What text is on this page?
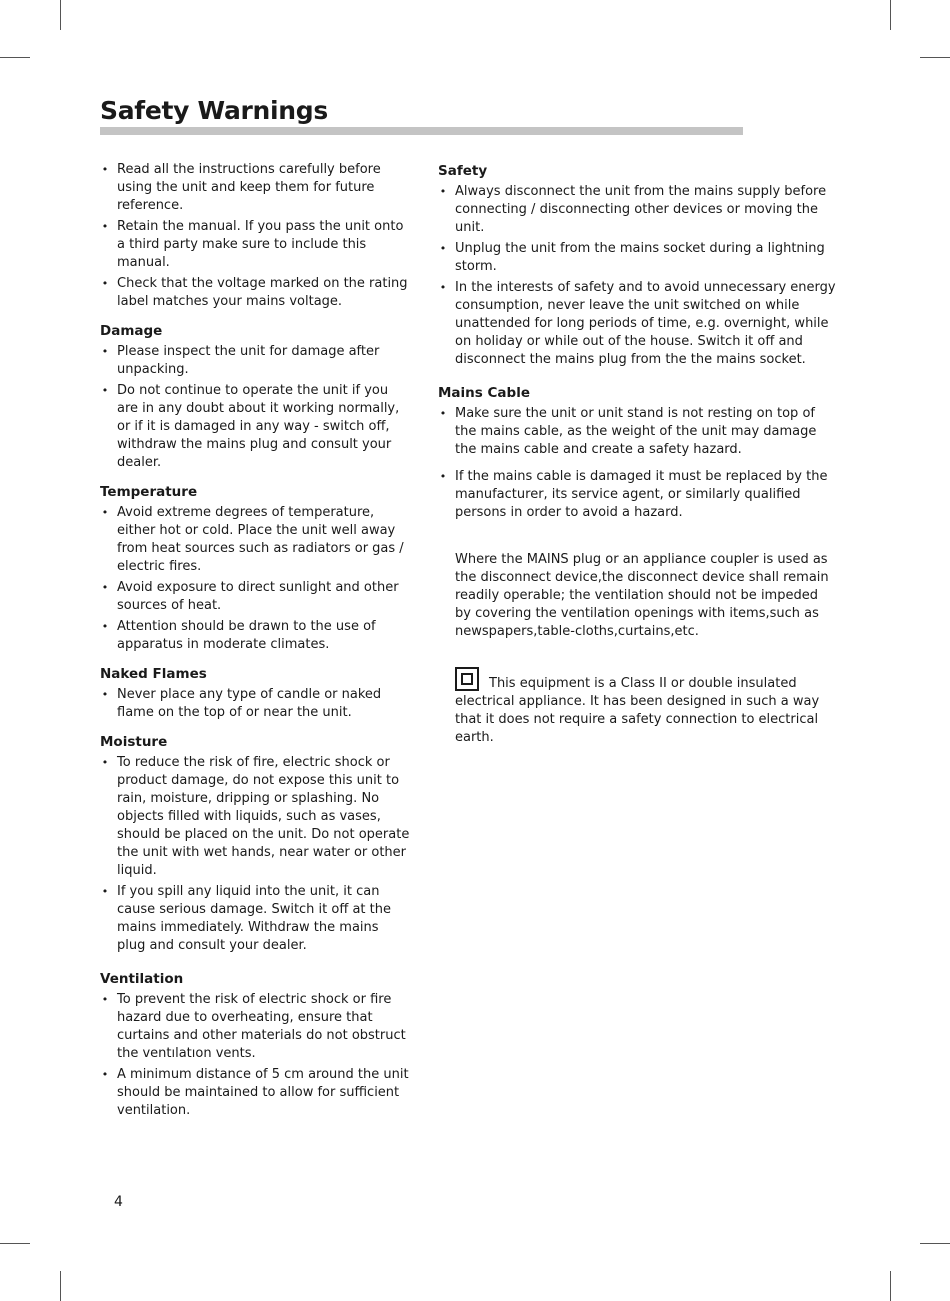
Safety Warnings
• Read all the instructions carefully before using the unit and keep them for future reference.
• Retain the manual. If you pass the unit onto a third party make sure to include this manual.
• Check that the voltage marked on the rating label matches your mains voltage.
Damage
• Please inspect the unit for damage after unpacking.
• Do not continue to operate the unit if you are in any doubt about it working normally, or if it is damaged in any way - switch off, withdraw the mains plug and consult your dealer.
Temperature
• Avoid extreme degrees of temperature, either hot or cold. Place the unit well away from heat sources such as radiators or gas / electric fires.
• Avoid exposure to direct sunlight and other sources of heat.
• Attention should be drawn to the use of apparatus in moderate climates.
Naked Flames
• Never place any type of candle or naked flame on the top of or near the unit.
Moisture
• To reduce the risk of fire, electric shock or product damage, do not expose this unit to rain, moisture, dripping or splashing. No objects filled with liquids, such as vases, should be placed on the unit. Do not operate the unit with wet hands, near water or other liquid.
• If you spill any liquid into the unit, it can cause serious damage. Switch it off at the mains immediately. Withdraw the mains plug and consult your dealer.
Ventilation
• To prevent the risk of electric shock or fire hazard due to overheating, ensure that curtains and other materials do not obstruct the ventılatıon vents.
• A minimum distance of 5 cm around the unit should be maintained to allow for sufficient ventilation.
Safety
• Always disconnect the unit from the mains supply before connecting / disconnecting other devices or moving the unit.
• Unplug the unit from the mains socket during a lightning storm.
• In the interests of safety and to avoid unnecessary energy consumption, never leave the unit switched on while unattended for long periods of time, e.g. overnight, while on holiday or while out of the house. Switch it off and disconnect the mains plug from the the mains socket.
Mains Cable
• Make sure the unit or unit stand is not resting on top of the mains cable, as the weight of the unit may damage the mains cable and create a safety hazard.
• If the mains cable is damaged it must be replaced by the manufacturer, its service agent, or similarly qualified persons in order to avoid a hazard.

Where the MAINS plug or an appliance coupler is used as the disconnect device,the disconnect device shall remain readily operable; the ventilation should not be impeded by covering the ventilation openings with items,such as newspapers,table-cloths,curtains,etc.

This equipment is a Class II or double insulated electrical appliance. It has been designed in such a way that it does not require a safety connection to electrical earth.
4
